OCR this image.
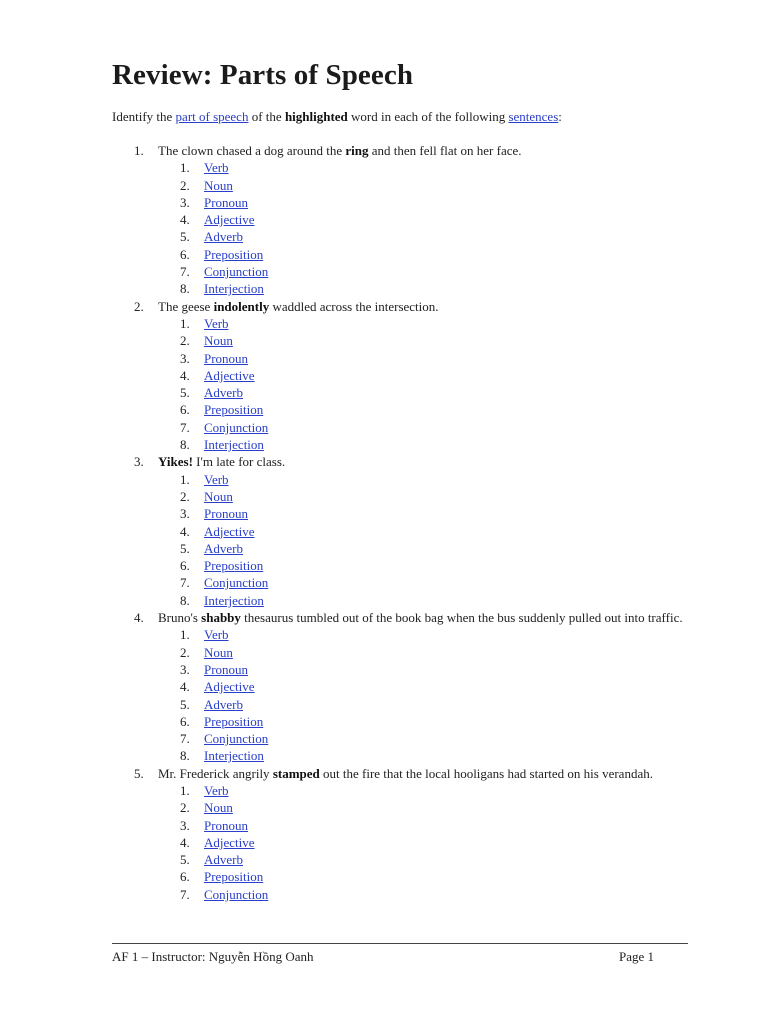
Review: Parts of Speech

Identify the part of speech of the highlighted word in each of the following sentences:

1.	The clown chased a dog around the ring and then fell flat on her face.
1.	Verb
2.	Noun
3.	Pronoun
4.	Adjective
5.	Adverb
6.	Preposition
7.	Conjunction
8.	Interjection
2.	The geese indolently waddled across the intersection.
1.	Verb
2.	Noun
3.	Pronoun
4.	Adjective
5.	Adverb
6.	Preposition
7.	Conjunction
8.	Interjection
3.	Yikes! I'm late for class.
1.	Verb
2.	Noun
3.	Pronoun
4.	Adjective
5.	Adverb
6.	Preposition
7.	Conjunction
8.	Interjection
4.	Bruno's shabby thesaurus tumbled out of the book bag when the bus suddenly pulled out into traffic.
1.	Verb
2.	Noun
3.	Pronoun
4.	Adjective
5.	Adverb
6.	Preposition
7.	Conjunction
8.	Interjection
5.	Mr. Frederick angrily stamped out the fire that the local hooligans had started on his verandah.
1.	Verb
2.	Noun
3.	Pronoun
4.	Adjective
5.	Adverb
6.	Preposition
7.	Conjunction
AF 1 – Instructor: Nguyễn Hồng Oanh	Page 1
